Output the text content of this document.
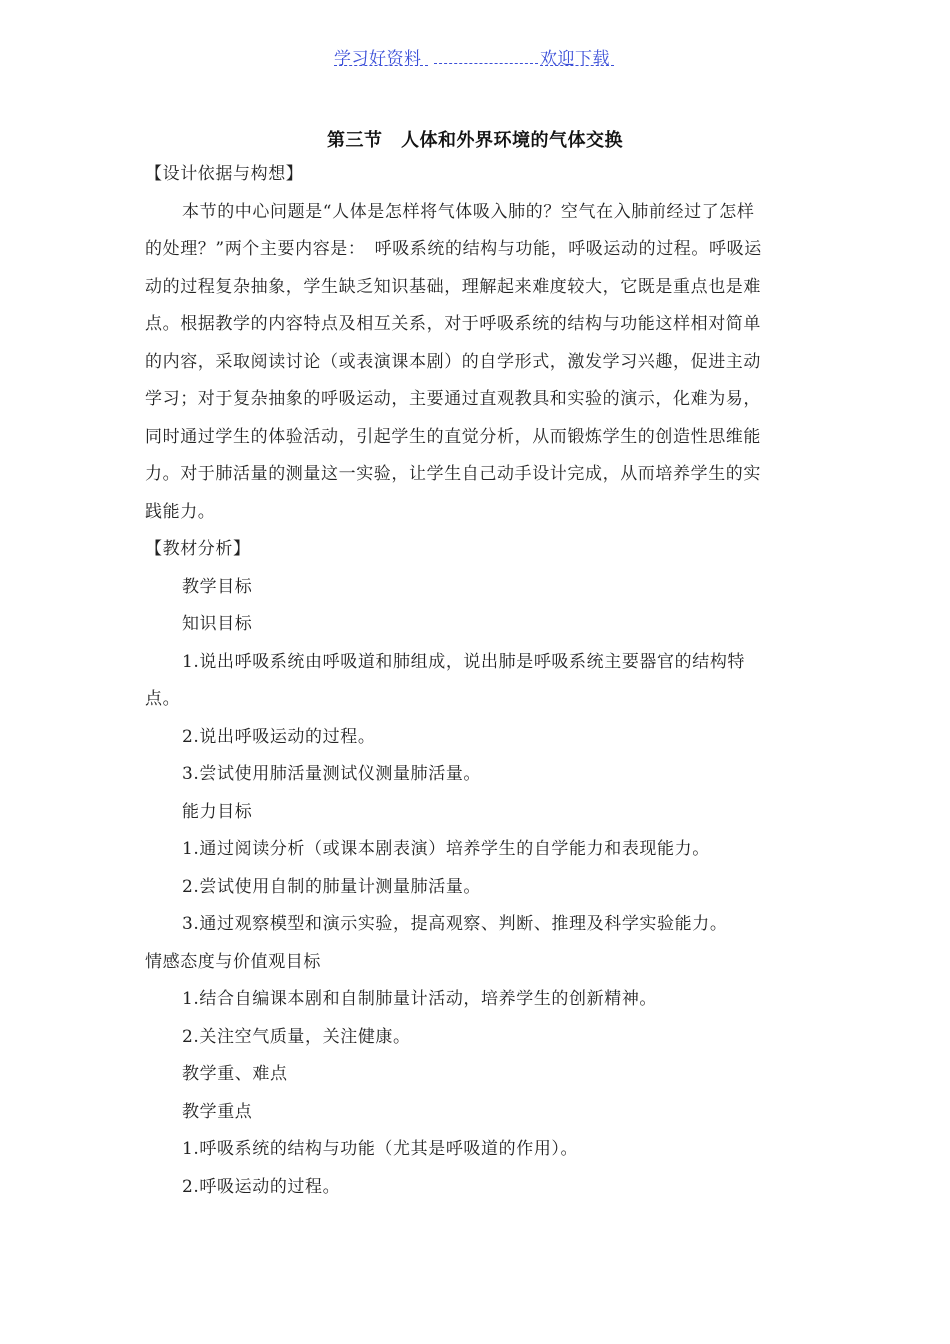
学习好资料	欢迎下载
第三节　人体和外界环境的气体交换
【设计依据与构想】
本节的中心问题是“人体是怎样将气体吸入肺的？空气在入肺前经过了怎样
的处理？”两个主要内容是：　呼吸系统的结构与功能，呼吸运动的过程。呼吸运
动的过程复杂抽象，学生缺乏知识基础，理解起来难度较大，它既是重点也是难
点。根据教学的内容特点及相互关系，对于呼吸系统的结构与功能这样相对简单
的内容，采取阅读讨论（或表演课本剧）的自学形式，激发学习兴趣，促进主动
学习；对于复杂抽象的呼吸运动，主要通过直观教具和实验的演示，化难为易，
同时通过学生的体验活动，引起学生的直觉分析，从而锻炼学生的创造性思维能
力。对于肺活量的测量这一实验，让学生自己动手设计完成，从而培养学生的实
践能力。
【教材分析】
教学目标
知识目标
1.说出呼吸系统由呼吸道和肺组成，说出肺是呼吸系统主要器官的结构特
点。
2.说出呼吸运动的过程。
3.尝试使用肺活量测试仪测量肺活量。
能力目标
1.通过阅读分析（或课本剧表演）培养学生的自学能力和表现能力。
2.尝试使用自制的肺量计测量肺活量。
3.通过观察模型和演示实验，提高观察、判断、推理及科学实验能力。
情感态度与价值观目标
1.结合自编课本剧和自制肺量计活动，培养学生的创新精神。
2.关注空气质量，关注健康。
教学重、难点
教学重点
1.呼吸系统的结构与功能（尤其是呼吸道的作用）。
2.呼吸运动的过程。
